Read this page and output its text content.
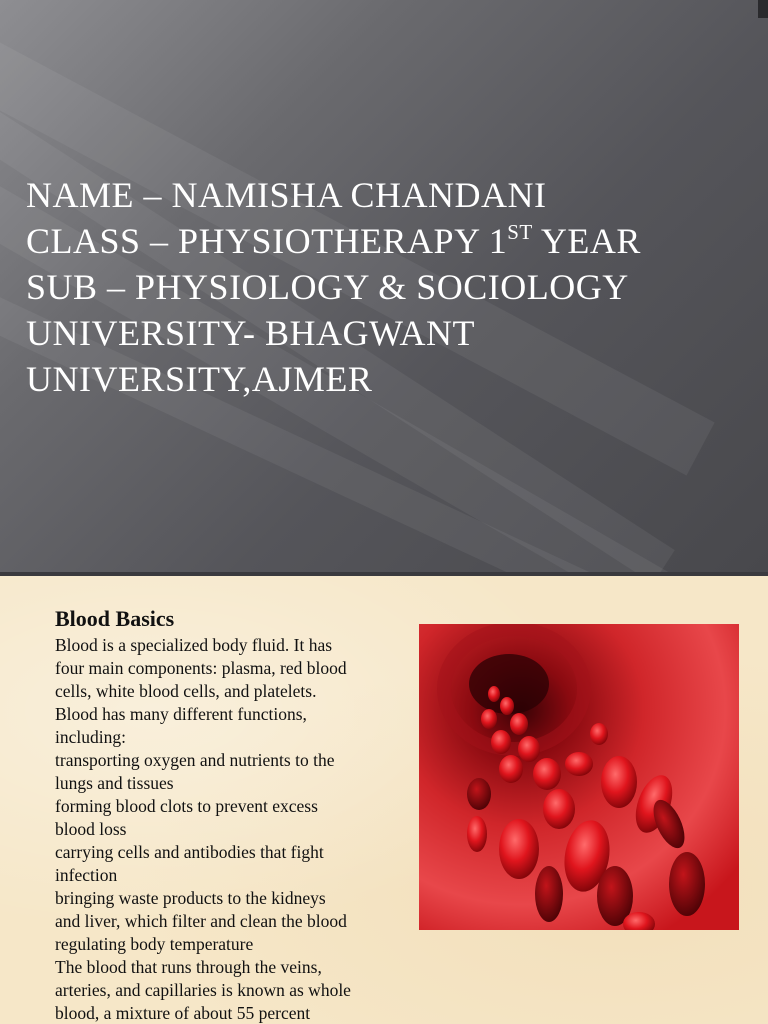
NAME – NAMISHA CHANDANI
CLASS – PHYSIOTHERAPY 1ST YEAR
SUB – PHYSIOLOGY & SOCIOLOGY
UNIVERSITY- BHAGWANT
UNIVERSITY,AJMER
Blood Basics
Blood is a specialized body fluid. It has
four main components: plasma, red blood
cells, white blood cells, and platelets.
Blood has many different functions,
including:
transporting oxygen and nutrients to the
lungs and tissues
forming blood clots to prevent excess
blood loss
carrying cells and antibodies that fight
infection
bringing waste products to the kidneys
and liver, which filter and clean the blood
regulating body temperature
The blood that runs through the veins,
arteries, and capillaries is known as whole
blood, a mixture of about 55 percent
